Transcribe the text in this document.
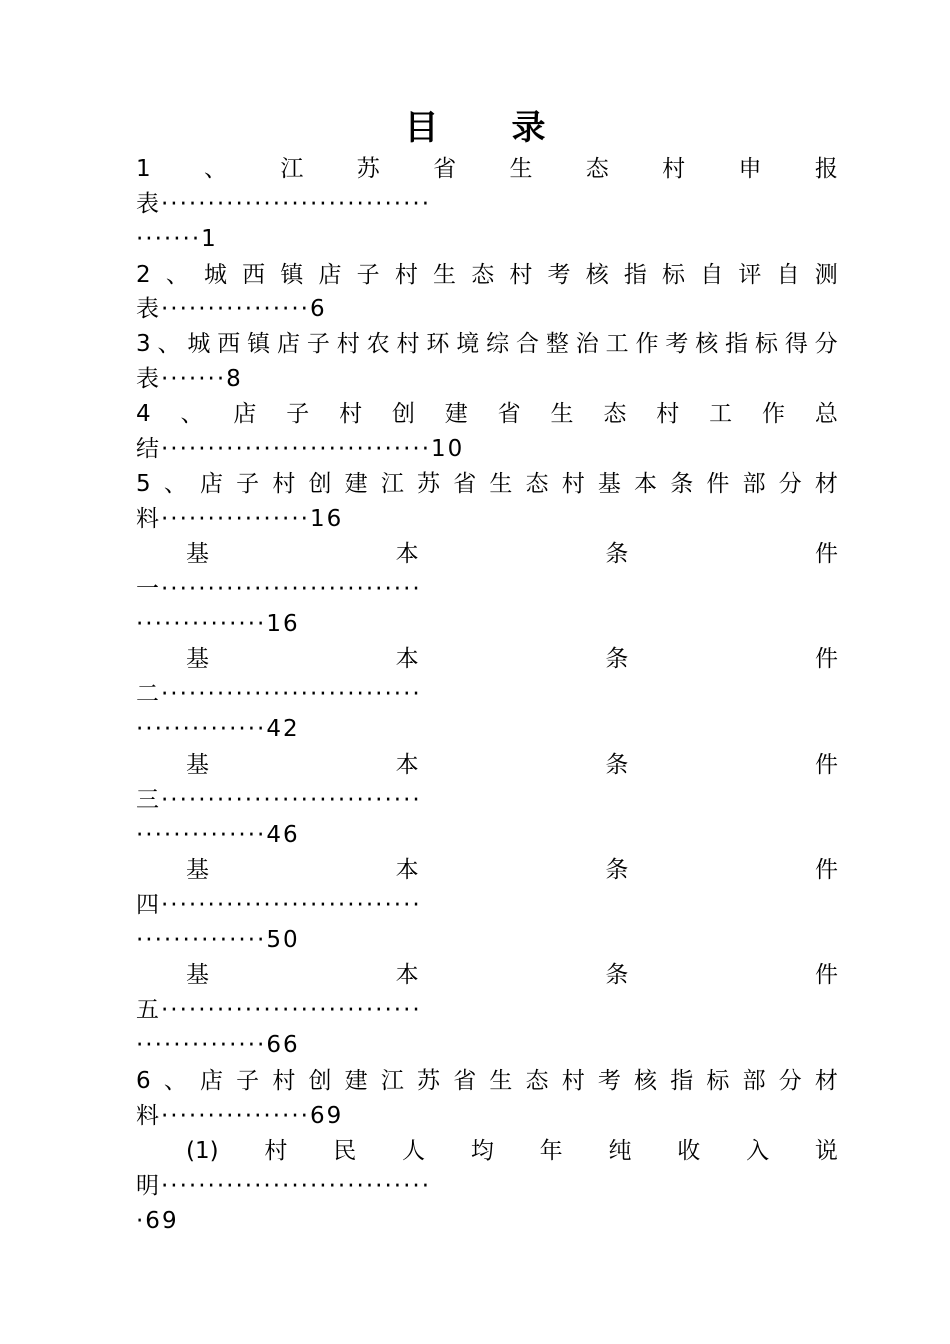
目 录
1 、 江 苏 省 生 态 村 申 报
表·····························
·······1
2 、 城 西 镇 店 子 村 生 态 村 考 核 指 标 自 评 自 测
表················6
3 、 城 西 镇 店 子 村 农 村 环 境 综 合 整 治 工 作 考 核 指 标 得 分
表·······8
4 、 店 子 村 创 建 省 生 态 村 工 作 总
结·····························10
5 、 店 子 村 创 建 江 苏 省 生 态 村 基 本 条 件 部 分 材
料················16
基	本	条	件
一····························
··············16
基	本	条	件
二····························
··············42
基	本	条	件
三····························
··············46
基	本	条	件
四····························
··············50
基	本	条	件
五····························
··············66
6 、 店 子 村 创 建 江 苏 省 生 态 村 考 核 指 标 部 分 材
料················69
(1) 村 民 人 均 年 纯 收 入 说
明·····························
·69
